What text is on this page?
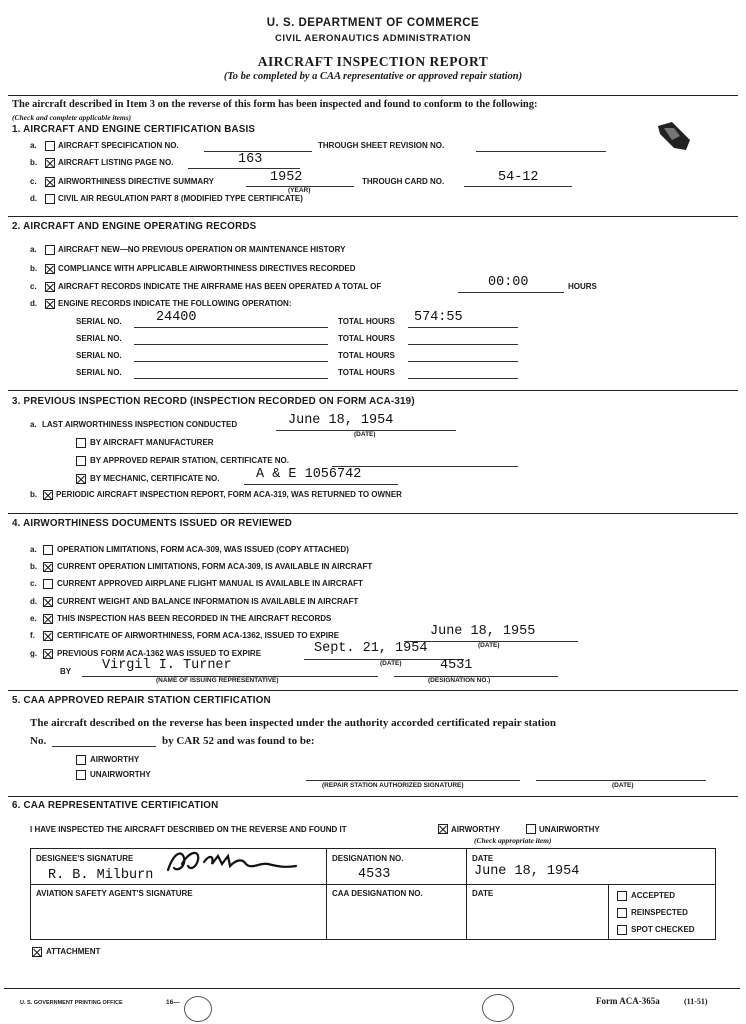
U. S. DEPARTMENT OF COMMERCE
CIVIL AERONAUTICS ADMINISTRATION
AIRCRAFT INSPECTION REPORT
(To be completed by a CAA representative or approved repair station)
The aircraft described in Item 3 on the reverse of this form has been inspected and found to conform to the following:
(Check and complete applicable items)
1. AIRCRAFT AND ENGINE CERTIFICATION BASIS
a.	AIRCRAFT SPECIFICATION NO.	THROUGH SHEET REVISION NO.
b.	AIRCRAFT LISTING PAGE NO.	163
c.	AIRWORTHINESS DIRECTIVE SUMMARY	1952
(YEAR)
THROUGH CARD NO.	54-12
d.	CIVIL AIR REGULATION PART 8 (MODIFIED TYPE CERTIFICATE)
2. AIRCRAFT AND ENGINE OPERATING RECORDS
a.	AIRCRAFT NEW—NO PREVIOUS OPERATION OR MAINTENANCE HISTORY
b.	COMPLIANCE WITH APPLICABLE AIRWORTHINESS DIRECTIVES RECORDED
c.	AIRCRAFT RECORDS INDICATE THE AIRFRAME HAS BEEN OPERATED A TOTAL OF	00:00	HOURS
d.	ENGINE RECORDS INDICATE THE FOLLOWING OPERATION:
SERIAL NO.	24400	TOTAL HOURS 574:55
SERIAL NO.	TOTAL HOURS
SERIAL NO.	TOTAL HOURS
SERIAL NO.	TOTAL HOURS
3. PREVIOUS INSPECTION RECORD (INSPECTION RECORDED ON FORM ACA-319)
a. LAST AIRWORTHINESS INSPECTION CONDUCTED	June 18, 1954
(DATE)
BY AIRCRAFT MANUFACTURER
BY APPROVED REPAIR STATION, CERTIFICATE NO.
BY MECHANIC, CERTIFICATE NO.	A & E 1056742
b. PERIODIC AIRCRAFT INSPECTION REPORT, FORM ACA-319, WAS RETURNED TO OWNER
4. AIRWORTHINESS DOCUMENTS ISSUED OR REVIEWED
a.	OPERATION LIMITATIONS, FORM ACA-309, WAS ISSUED (COPY ATTACHED)
b. CURRENT OPERATION LIMITATIONS, FORM ACA-309, IS AVAILABLE IN AIRCRAFT
c.	CURRENT APPROVED AIRPLANE FLIGHT MANUAL IS AVAILABLE IN AIRCRAFT
d. CURRENT WEIGHT AND BALANCE INFORMATION IS AVAILABLE IN AIRCRAFT
e.	THIS INSPECTION HAS BEEN RECORDED IN THE AIRCRAFT RECORDS
f.	CERTIFICATE OF AIRWORTHINESS, FORM ACA-1362, ISSUED TO EXPIRE	June 18, 1955
(DATE)
g. PREVIOUS FORM ACA-1362 WAS ISSUED TO EXPIRE	Sept. 21, 1954
(DATE)
BY Virgil I. Turner
(NAME OF ISSUING REPRESENTATIVE)
4531
(DESIGNATION NO.)
5. CAA APPROVED REPAIR STATION CERTIFICATION
The aircraft described on the reverse has been inspected under the authority accorded certificated repair station
No.	by CAR 52 and was found to be:
AIRWORTHY
UNAIRWORTHY
(REPAIR STATION AUTHORIZED SIGNATURE)	(DATE)
6. CAA REPRESENTATIVE CERTIFICATION
I HAVE INSPECTED THE AIRCRAFT DESCRIBED ON THE REVERSE AND FOUND IT	AIRWORTHY	UNAIRWORTHY
(Check appropriate item)
DESIGNEE'S SIGNATURE
R. B. Milburn
DESIGNATION NO.
4533
DATE
June 18, 1954
AVIATION SAFETY AGENT'S SIGNATURE	CAA DESIGNATION NO.	DATE	ACCEPTED
REINSPECTED
SPOT CHECKED
ATTACHMENT
U. S. GOVERNMENT PRINTING OFFICE	16—	Form ACA-365a	(11-51)
